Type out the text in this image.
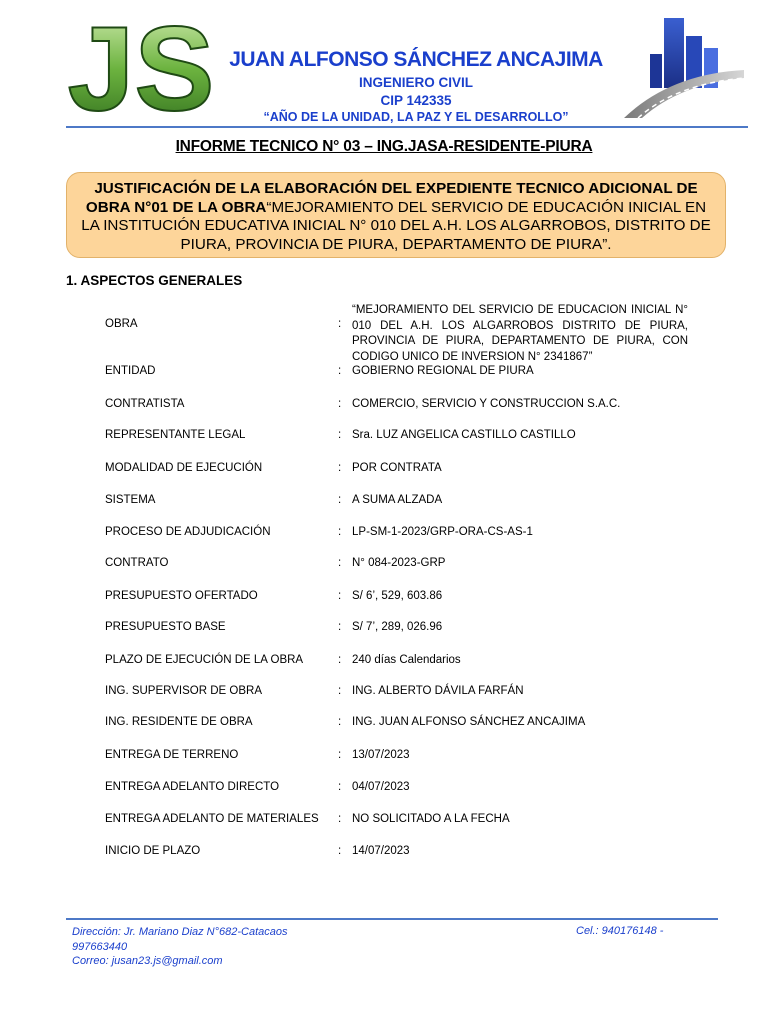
JS JUAN ALFONSO SÁNCHEZ ANCAJIMA
INGENIERO CIVIL
CIP 142335
“AÑO DE LA UNIDAD, LA PAZ Y EL DESARROLLO”
INFORME TECNICO N° 03 – ING.JASA-RESIDENTE-PIURA
JUSTIFICACIÓN DE LA ELABORACIÓN DEL EXPEDIENTE TECNICO ADICIONAL DE OBRA N°01 DE LA OBRA“MEJORAMIENTO DEL SERVICIO DE EDUCACIÓN INICIAL EN LA INSTITUCIÓN EDUCATIVA INICIAL N° 010 DEL A.H. LOS ALGARROBOS, DISTRITO DE PIURA, PROVINCIA DE PIURA, DEPARTAMENTO DE PIURA”.
1. ASPECTOS GENERALES
OBRA	:
“MEJORAMIENTO DEL SERVICIO DE EDUCACION INICIAL N° 010 DEL A.H. LOS ALGARROBOS DISTRITO DE PIURA, PROVINCIA DE PIURA, DEPARTAMENTO DE PIURA, CON CODIGO UNICO DE INVERSION N° 2341867”
ENTIDAD	: GOBIERNO REGIONAL DE PIURA
CONTRATISTA	: COMERCIO, SERVICIO Y CONSTRUCCION S.A.C.
REPRESENTANTE LEGAL	: Sra. LUZ ANGELICA CASTILLO CASTILLO
MODALIDAD DE EJECUCIÓN	: POR CONTRATA
SISTEMA	: A SUMA ALZADA
PROCESO DE ADJUDICACIÓN	: LP-SM-1-2023/GRP-ORA-CS-AS-1
CONTRATO	: N° 084-2023-GRP
PRESUPUESTO OFERTADO	: S/ 6’, 529, 603.86
PRESUPUESTO BASE	: S/ 7’, 289, 026.96
PLAZO DE EJECUCIÓN DE LA OBRA	: 240 días Calendarios
ING. SUPERVISOR DE OBRA	: ING. ALBERTO DÁVILA FARFÁN
ING. RESIDENTE DE OBRA	: ING. JUAN ALFONSO SÁNCHEZ ANCAJIMA
ENTREGA DE TERRENO	: 13/07/2023
ENTREGA ADELANTO DIRECTO	: 04/07/2023
ENTREGA ADELANTO DE MATERIALES : NO SOLICITADO A LA FECHA
INICIO DE PLAZO	: 14/07/2023
Dirección: Jr. Mariano Diaz N°682-Catacaos 997663440
Cel.: 940176148 -
Correo: jusan23.js@gmail.com
